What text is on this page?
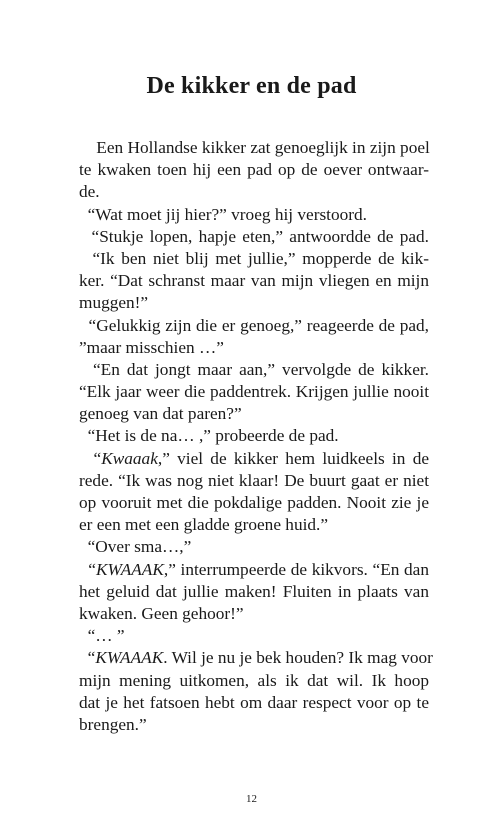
De kikker en de pad
Een Hollandse kikker zat genoeglijk in zijn poel
te kwaken toen hij een pad op de oever ontwaar-
de.
“Wat moet jij hier?” vroeg hij verstoord.
“Stukje lopen, hapje eten,” antwoordde de pad.
“Ik ben niet blij met jullie,” mopperde de kik-
ker. “Dat schranst maar van mijn vliegen en mijn
muggen!”
“Gelukkig zijn die er genoeg,” reageerde de pad,
”maar misschien …”
“En dat jongt maar aan,” vervolgde de kikker.
“Elk jaar weer die paddentrek. Krijgen jullie nooit
genoeg van dat paren?”
“Het is de na… ,” probeerde de pad.
“Kwaaak,” viel de kikker hem luidkeels in de
rede. “Ik was nog niet klaar! De buurt gaat er niet
op vooruit met die pokdalige padden. Nooit zie je
er een met een gladde groene huid.”
“Over sma…,”
“KWAAAK,” interrumpeerde de kikvors. “En dan
het geluid dat jullie maken! Fluiten in plaats van
kwaken. Geen gehoor!”
“… ”
“KWAAAK. Wil je nu je bek houden? Ik mag voor
mijn mening uitkomen, als ik dat wil. Ik hoop
dat je het fatsoen hebt om daar respect voor op te
brengen.”
12
